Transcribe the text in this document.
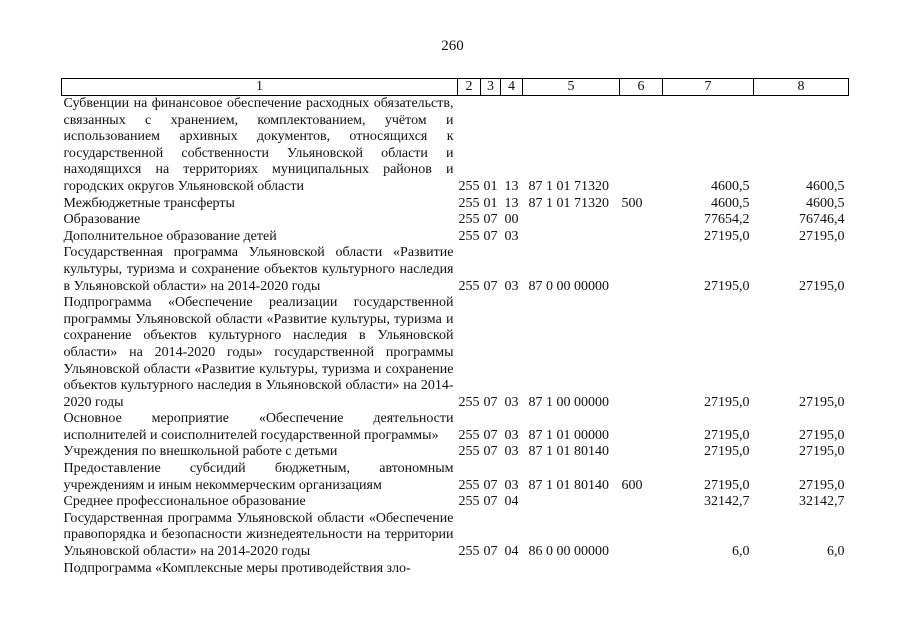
260
1	2	3	4	5	6	7	8
Субвенции на финансовое обеспечение расходных обязательств, связанных с хранением, комплектованием, учётом и использованием архивных документов, относящихся к государственной собственности Ульяновской области и находящихся на территориях муниципальных районов и городских округов Ульяновской области	255	01	13	87 1 01 71320		4600,5	4600,5
Межбюджетные трансферты	255	01	13	87 1 01 71320	500	4600,5	4600,5
Образование	255	07	00			77654,2	76746,4
Дополнительное образование детей	255	07	03			27195,0	27195,0
Государственная программа Ульяновской области «Развитие культуры, туризма и сохранение объектов культурного наследия в Ульяновской области» на 2014-2020 годы	255	07	03	87 0 00 00000		27195,0	27195,0
Подпрограмма «Обеспечение реализации государственной программы Ульяновской области «Развитие культуры, туризма и сохранение объектов культурного наследия в Ульяновской области» на 2014-2020 годы» государственной программы Ульяновской области «Развитие культуры, туризма и сохранение объектов культурного наследия в Ульяновской области» на 2014-2020 годы	255	07	03	87 1 00 00000		27195,0	27195,0
Основное мероприятие «Обеспечение деятельности исполнителей и соисполнителей государственной программы»	255	07	03	87 1 01 00000		27195,0	27195,0
Учреждения по внешкольной работе с детьми	255	07	03	87 1 01 80140		27195,0	27195,0
Предоставление субсидий бюджетным, автономным учреждениям и иным некоммерческим организациям	255	07	03	87 1 01 80140	600	27195,0	27195,0
Среднее профессиональное образование	255	07	04			32142,7	32142,7
Государственная программа Ульяновской области «Обеспечение правопорядка и безопасности жизнедеятельности на территории Ульяновской области» на 2014-2020 годы	255	07	04	86 0 00 00000		6,0	6,0
Подпрограмма «Комплексные меры противодействия зло-							
